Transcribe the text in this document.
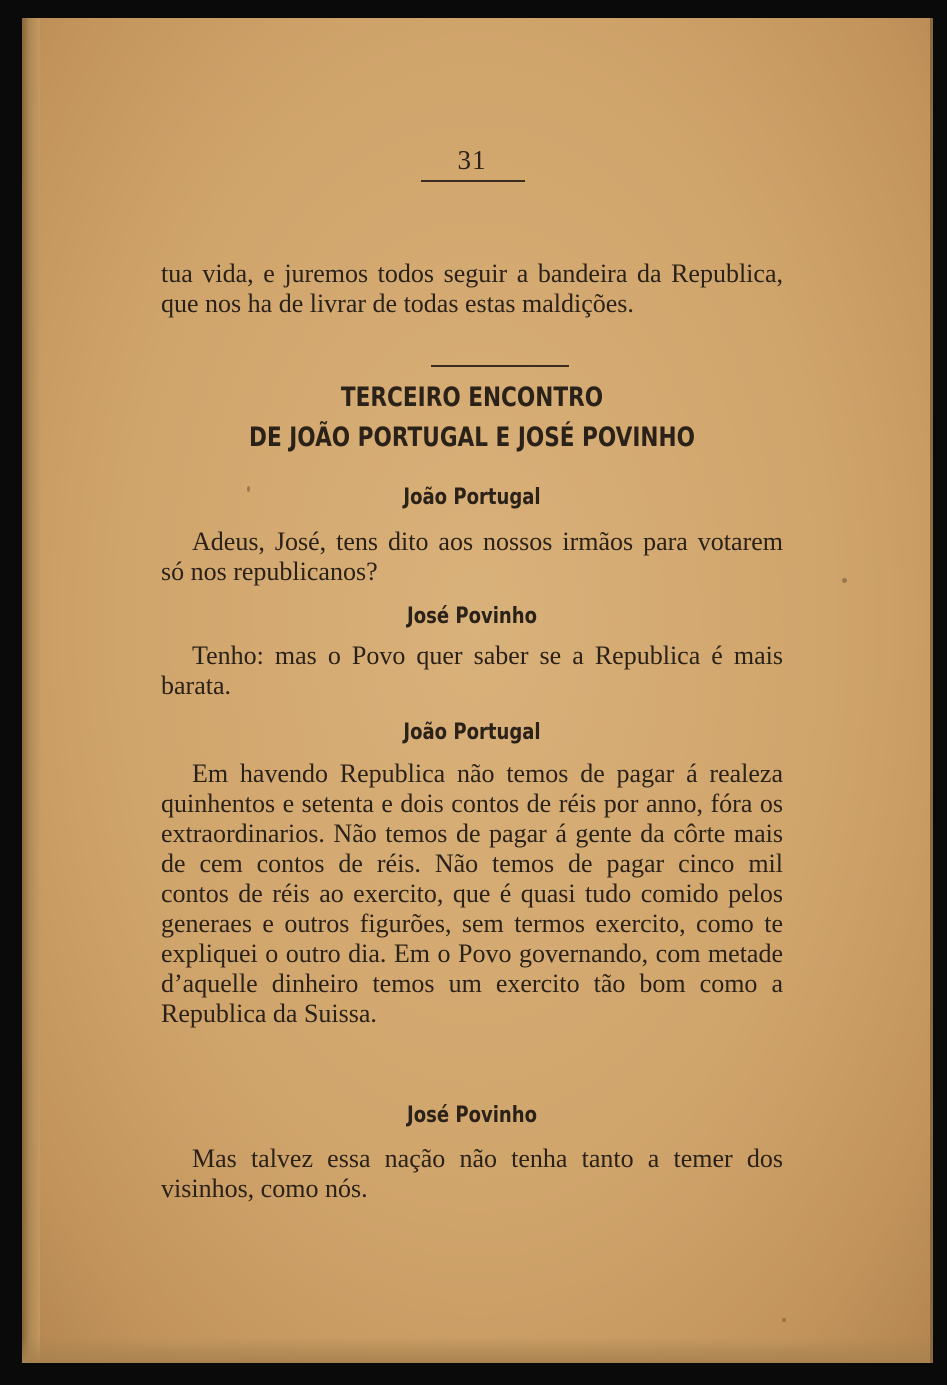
31

tua vida, e juremos todos seguir a bandeira da Republica, que nos ha de livrar de todas estas maldições.

TERCEIRO ENCONTRO
DE JOÃO PORTUGAL E JOSÉ POVINHO
João Portugal

Adeus, José, tens dito aos nossos irmãos para votarem só nos republicanos?

José Povinho

Tenho: mas o Povo quer saber se a Republica é mais barata.

João Portugal

Em havendo Republica não temos de pagar á realeza quinhentos e setenta e dois contos de réis por anno, fóra os extraordinarios. Não temos de pagar á gente da côrte mais de cem contos de réis. Não temos de pagar cinco mil contos de réis ao exercito, que é quasi tudo comido pelos generaes e outros figurões, sem termos exercito, como te expliquei o outro dia. Em o Povo governando, com metade d’aquelle dinheiro temos um exercito tão bom como a Republica da Suissa.

José Povinho

Mas talvez essa nação não tenha tanto a temer dos visinhos, como nós.
